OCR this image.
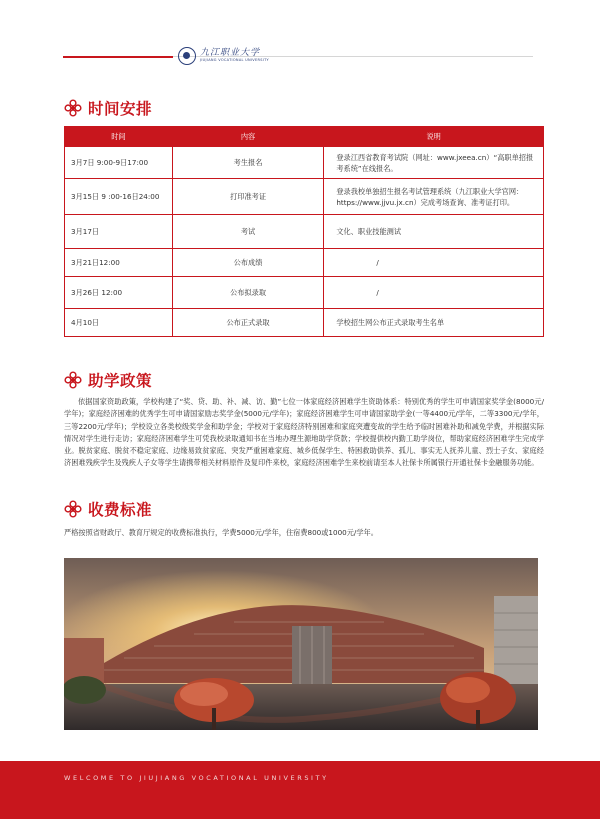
九江职业大学
JIUJIANG VOCATIONAL UNIVERSITY
时间安排
时间	内容	说明
3月7日 9:00-9日17:00	考生报名	登录江西省教育考试院（网址：www.jxeea.cn）“高职单招报考系统”在线报名。
3月15日 9 :00-16日24:00	打印准考证	登录我校单独招生报名考试管理系统（九江职业大学官网：https://www.jjvu.jx.cn）完成考场查询、准考证打印。
3月17日	考试	文化、职业技能测试
3月21日12:00	公布成绩	/
3月26日 12:00	公布拟录取	/
4月10日	公布正式录取	学校招生网公布正式录取考生名单
助学政策

依据国家资助政策，学校构建了“奖、贷、助、补、减、访、勤”七位一体家庭经济困难学生资助体系：特别优秀的学生可申请国家奖学金(8000元/学年)；家庭经济困难的优秀学生可申请国家励志奖学金(5000元/学年)；家庭经济困难学生可申请国家助学金(一等4400元/学年，二等3300元/学年，三等2200元/学年)；学校设立各类校级奖学金和助学金；学校对于家庭经济特别困难和家庭突遭变故的学生给予临时困难补助和减免学费，并根据实际情况对学生进行走访；家庭经济困难学生可凭我校录取通知书在当地办理生源地助学贷款；学校提供校内勤工助学岗位，帮助家庭经济困难学生完成学业。脱贫家庭、脱贫不稳定家庭、边缘易致贫家庭、突发严重困难家庭、城乡低保学生、特困救助供养、孤儿、事实无人抚养儿童、烈士子女、家庭经济困难残疾学生及残疾人子女等学生请携带相关材料原件及复印件来校，家庭经济困难学生来校前请至本人社保卡所属银行开通社保卡金融服务功能。

收费标准

严格按照省财政厅、教育厅规定的收费标准执行，学费5000元/学年，住宿费800或1000元/学年。

WELCOME TO JIUJIANG VOCATIONAL UNIVERSITY
